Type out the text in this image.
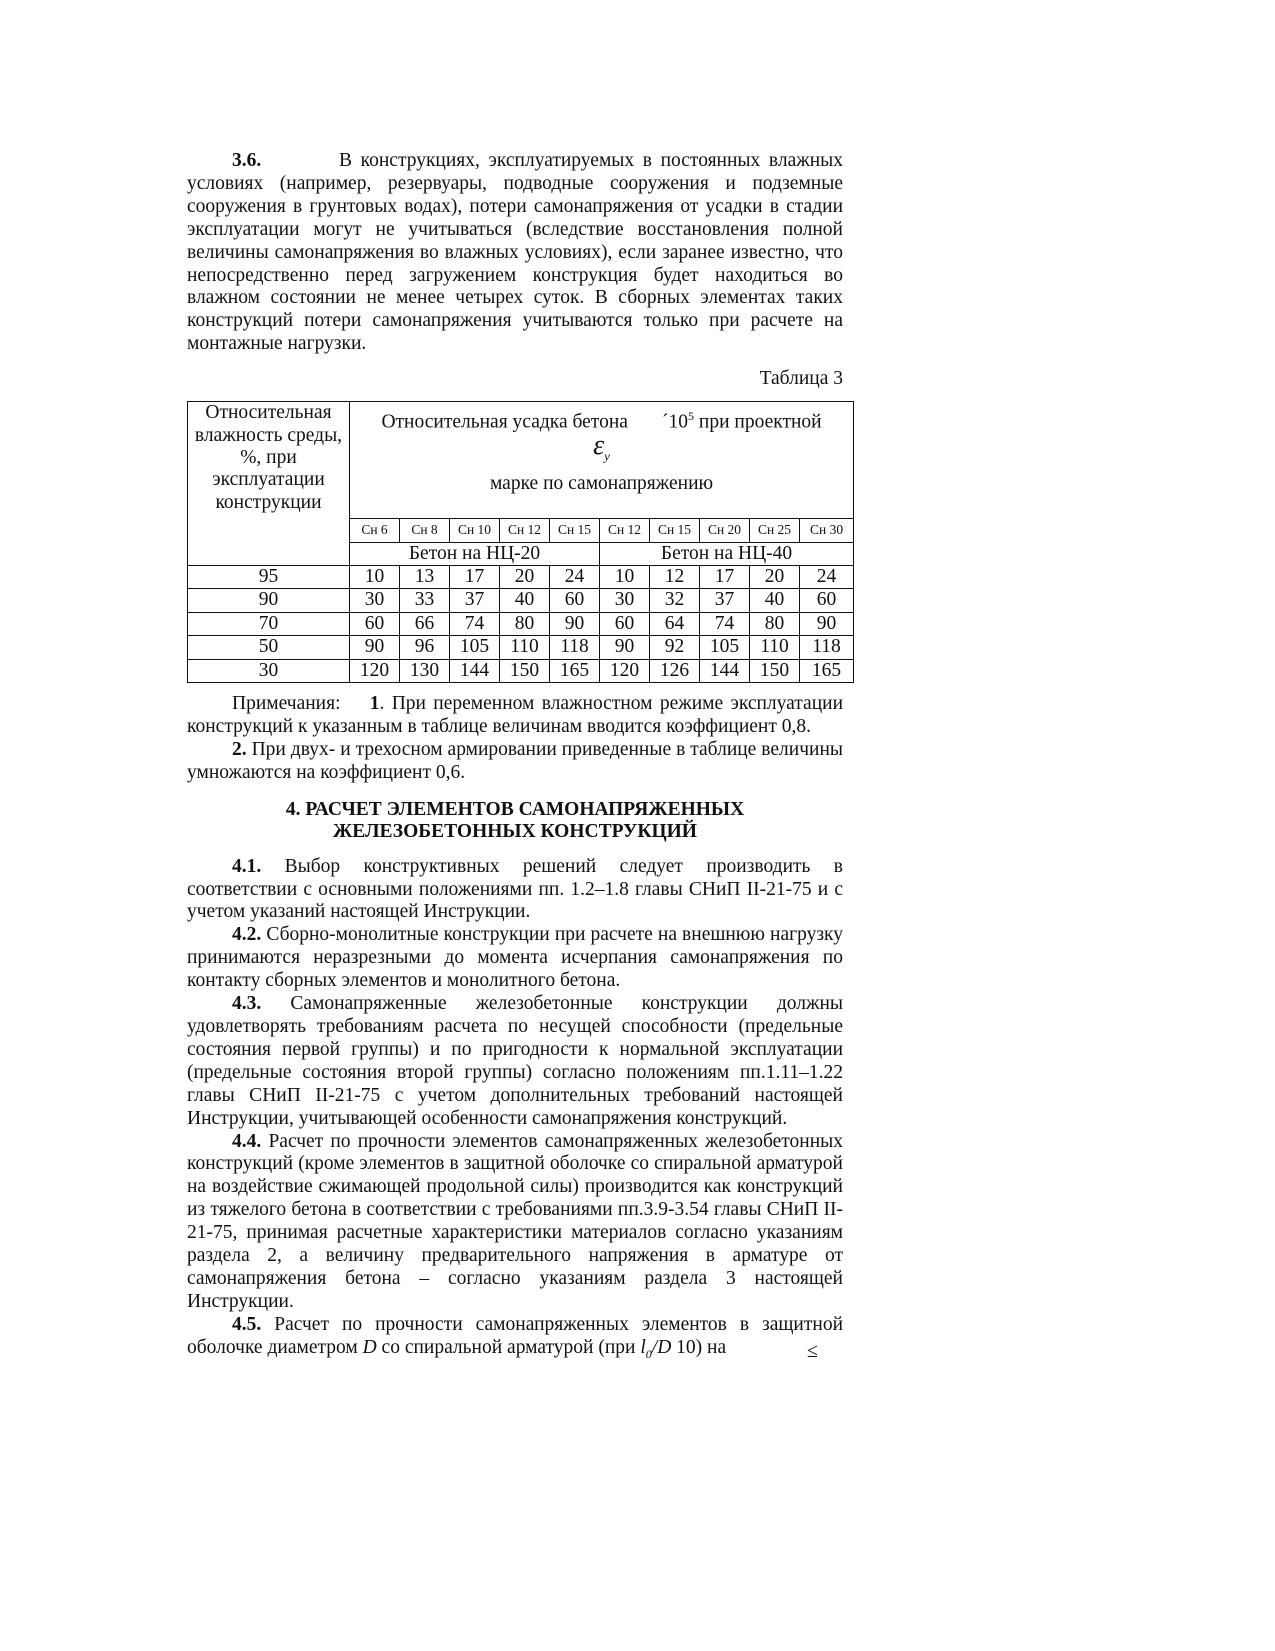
3.6.	В конструкциях, эксплуатируемых в постоянных влажных условиях (например, резервуары, подводные сооружения и подземные сооружения в грунтовых водах), потери самонапряжения от усадки в стадии эксплуатации могут не учитываться (вследствие восстановления полной величины самонапряжения во влажных условиях), если заранее известно, что непосредственно перед загружением конструкция будет находиться во влажном состоянии не менее четырех суток. В сборных элементах таких конструкций потери самонапряжения учитываются только при расчете на монтажные нагрузки.

Таблица 3
Относительная влажность среды, %, при эксплуатации конструкции	Относительная усадка бетона $´10^5$ при проектной
$\varepsilon_y$
марке по самонапряжению									

	Сн 6	Сн 8	Сн 10	Сн 12	Сн 15	Сн 12	Сн 15	Сн 20	Сн 25	Сн 30
	Бетон на НЦ-20					Бетон на НЦ-40				
95	10	13	17	20	24	10	12	17	20	24
90	30	33	37	40	60	30	32	37	40	60
70	60	66	74	80	90	60	64	74	80	90
50	90	96	105	110	118	90	92	105	110	118
30	120	130	144	150	165	120	126	144	150	165

Примечания: 1. При переменном влажностном режиме эксплуатации конструкций к указанным в таблице величинам вводится коэффициент 0,8.

2. При двух- и трехосном армировании приведенные в таблице величины умножаются на коэффициент 0,6.

4. РАСЧЕТ ЭЛЕМЕНТОВ САМОНАПРЯЖЕННЫХ
ЖЕЛЕЗОБЕТОННЫХ КОНСТРУКЦИЙ

4.1. Выбор конструктивных решений следует производить в соответствии с основными положениями пп. 1.2–1.8 главы СНиП II-21-75 и с учетом указаний настоящей Инструкции.

4.2. Сборно-монолитные конструкции при расчете на внешнюю нагрузку принимаются неразрезными до момента исчерпания самонапряжения по контакту сборных элементов и монолитного бетона.

4.3. Самонапряженные железобетонные конструкции должны удовлетворять требованиям расчета по несущей способности (предельные состояния первой группы) и по пригодности к нормальной эксплуатации (предельные состояния второй группы) согласно положениям пп.1.11–1.22 главы СНиП II-21-75 с учетом дополнительных требований настоящей Инструкции, учитывающей особенности самонапряжения конструкций.

4.4. Расчет по прочности элементов самонапряженных железобетонных конструкций (кроме элементов в защитной оболочке со спиральной арматурой на воздействие сжимающей продольной силы) производится как конструкций из тяжелого бетона в соответствии с требованиями пп.3.9-3.54 главы СНиП II-21-75, принимая расчетные характеристики материалов согласно указаниям раздела 2, а величину предварительного напряжения в арматуре от самонапряжения бетона – согласно указаниям раздела 3 настоящей Инструкции.

4.5. Расчет по прочности самонапряженных элементов в защитной оболочке диаметром D со спиральной арматурой (при $l_0/D$ 10) на	≤
